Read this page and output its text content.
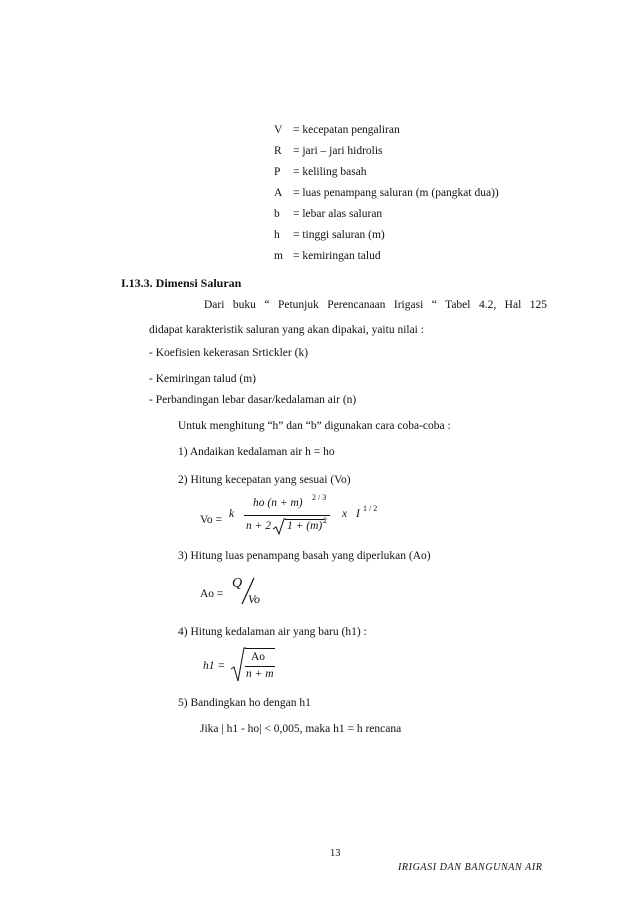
V = kecepatan pengaliran
R = jari – jari hidrolis
P	= keliling basah
A = luas penampang saluran (m (pangkat dua))
b	= lebar alas saluran
h	= tinggi saluran (m)
m = kemiringan talud
I.13.3. Dimensi Saluran
Dari buku “ Petunjuk Perencanaan Irigasi “ Tabel 4.2, Hal 125
didapat karakteristik saluran yang akan dipakai, yaitu nilai :
- Koefisien kekerasan Srtickler (k)
- Kemiringan talud (m)
- Perbandingan lebar dasar/kedalaman air (n)
Untuk menghitung “h” dan “b” digunakan cara coba-coba :
1) Andaikan kedalaman air h = ho
2) Hitung kecepatan yang sesuai (Vo)
Vo = k
ho (n + m) 2 / 3
n + 2 1 + (m) 2
x I 1 / 2
3) Hitung luas penampang basah yang diperlukan (Ao)
Ao =
Q
Vo
4) Hitung kedalaman air yang baru (h1) :
h1 =
Ao
n + m
5) Bandingkan ho dengan h1
Jika | h1 - ho| < 0,005, maka h1 = h rencana
13
IRIGASI DAN BANGUNAN AIR
